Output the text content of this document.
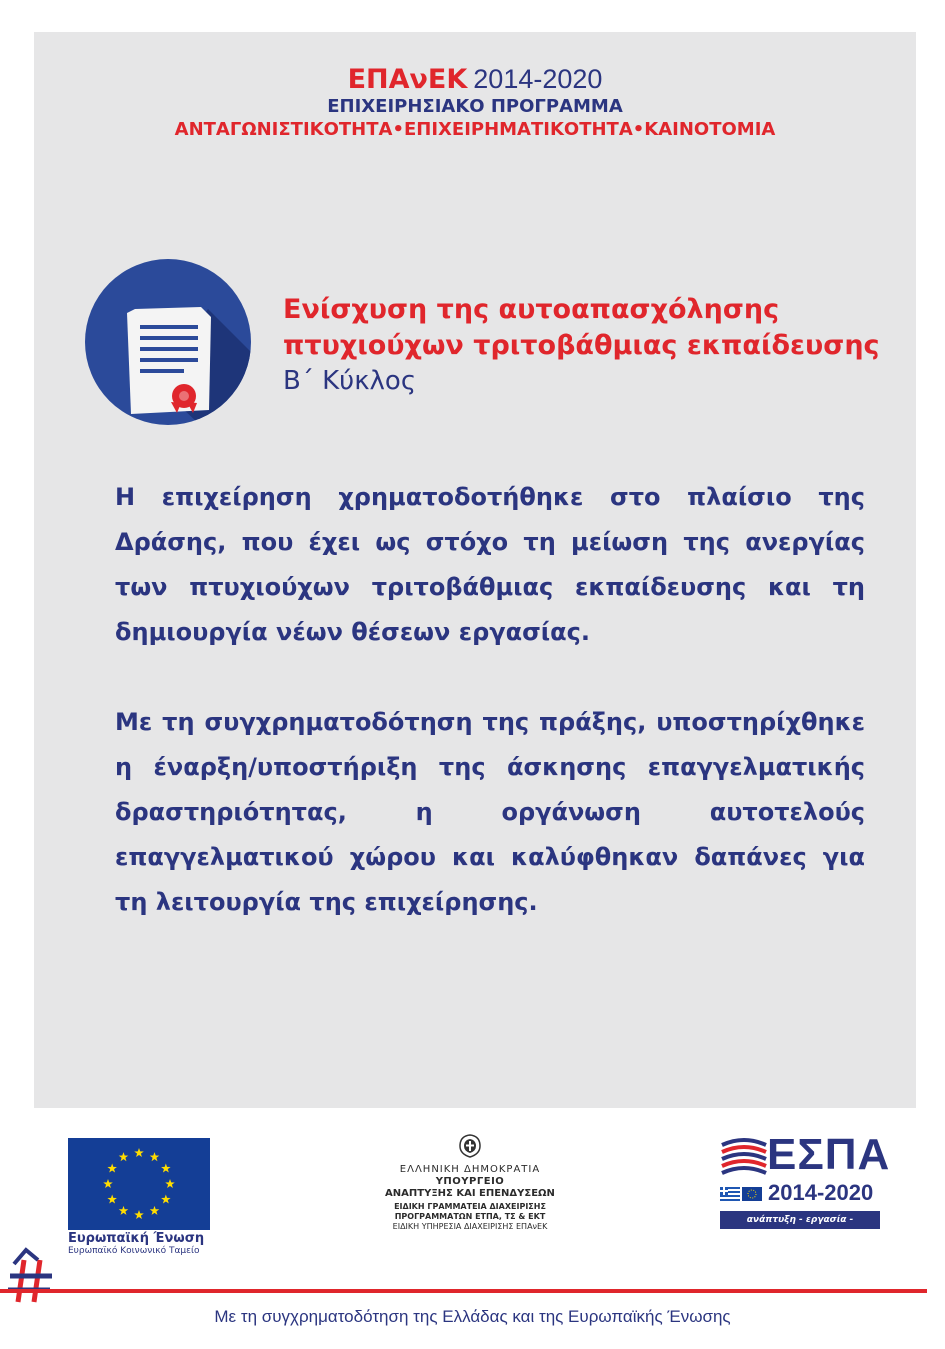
ΕΠΑνΕΚ 2014-2020
ΕΠΙΧΕΙΡΗΣΙΑΚΟ ΠΡΟΓΡΑΜΜΑ
ΑΝΤΑΓΩΝΙΣΤΙΚΟΤΗΤΑ•ΕΠΙΧΕΙΡΗΜΑΤΙΚΟΤΗΤΑ•ΚΑΙΝΟΤΟΜΙΑ
Ενίσχυση της αυτοαπασχόλησης
πτυχιούχων τριτοβάθμιας εκπαίδευσης
Β΄ Κύκλος
Η επιχείρηση χρηματοδοτήθηκε στο πλαίσιο της Δράσης, που έχει ως στόχο τη μείωση της ανεργίας των πτυχιούχων τριτοβάθμιας εκπαίδευσης και τη δημιουργία νέων θέσεων εργασίας.
Με τη συγχρηματοδότηση της πράξης, υποστηρίχθηκε η έναρξη/υποστήριξη της άσκησης επαγγελματικής δραστηριότητας, η οργάνωση αυτοτελούς επαγγελματικού χώρου και καλύφθηκαν δαπάνες για τη λειτουργία της επιχείρησης.
Ευρωπαϊκή Ένωση
Ευρωπαϊκό Κοινωνικό Ταμείο
ΕΛΛΗΝΙΚΗ ΔΗΜΟΚΡΑΤΙΑ
ΥΠΟΥΡΓΕΙΟ
ΑΝΑΠΤΥΞΗΣ ΚΑΙ ΕΠΕΝΔΥΣΕΩΝ
ΕΙΔΙΚΗ ΓΡΑΜΜΑΤΕΙΑ ΔΙΑΧΕΙΡΙΣΗΣ
ΠΡΟΓΡΑΜΜΑΤΩΝ ΕΤΠΑ, ΤΣ & ΕΚΤ
ΕΙΔΙΚΗ ΥΠΗΡΕΣΙΑ ΔΙΑΧΕΙΡΙΣΗΣ ΕΠΑνΕΚ
ΕΣΠΑ
2014-2020
ανάπτυξη - εργασία - αλληλεγγύη
Με τη συγχρηματοδότηση της Ελλάδας και της Ευρωπαϊκής Ένωσης
